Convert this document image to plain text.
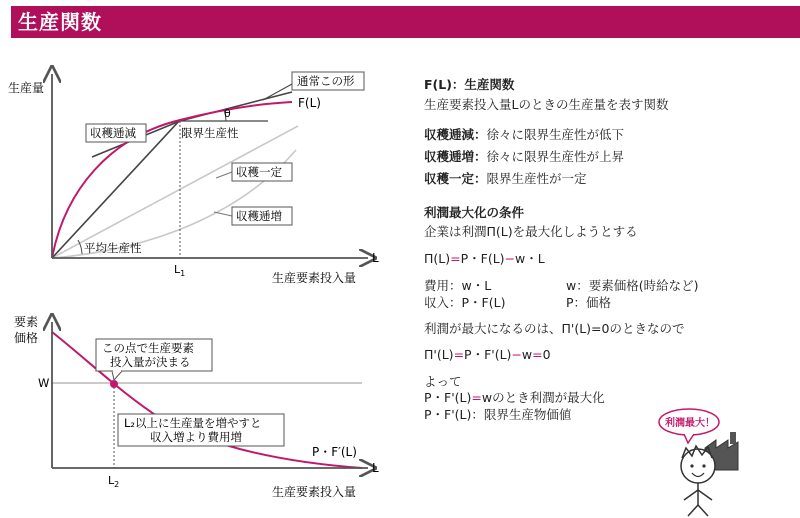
生産関数
生産量
θ
L
生産要素投入量
$L_1$
通常この形
F(L)
収穫逓減	限界生産性
収穫一定
収穫逓増
平均生産性
要素
価格
W
L
生産要素投入量
$L_2$
この点で生産要素
投入量が決まる
L₂以上に生産量を増やすと
収入増より費用増
P・F′(L)
利潤最大！
F(L)：生産関数
生産要素投入量Lのときの生産量を表す関数
収穫逓減：徐々に限界生産性が低下
収穫逓増：徐々に限界生産性が上昇
収穫一定：限界生産性が一定
利潤最大化の条件
企業は利潤Π(L)を最大化しようとする
Π(L)=P・F(L)−w・L
費用：w・L	w：要素価格(時給など)
収入：P・F(L)	P：価格
利潤が最大になるのは、Π'(L)=0のときなので
Π'(L)=P・F'(L)−w=0
よって
P・F'(L)=wのとき利潤が最大化
P・F'(L)：限界生産物価値
